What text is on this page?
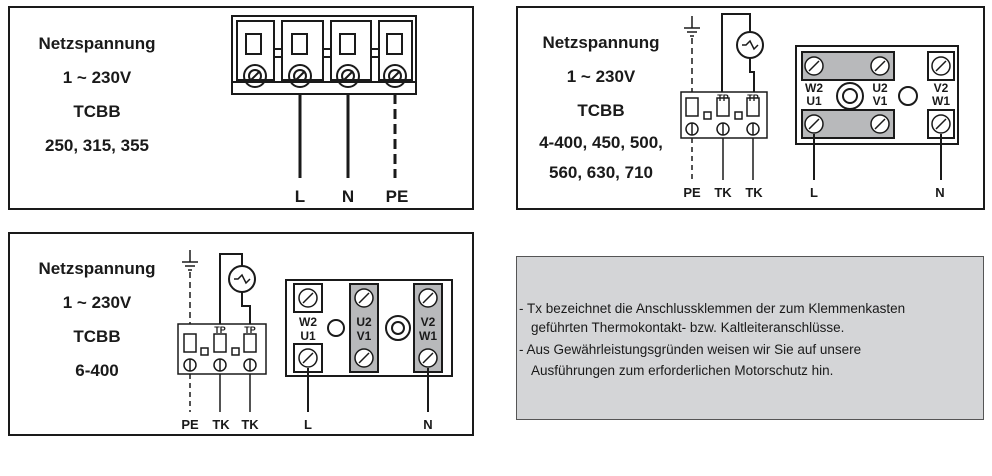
Netzspannung
1 ~ 230V
TCBB
250, 315, 355
L N PE
Netzspannung
1 ~ 230V
TCBB
4-400, 450, 500,
560, 630, 710
TP TP
PE TK TK
W2
U1
U2
V1
V2
W1
L	N
Netzspannung
1 ~ 230V
TCBB
6-400
TP TP
PE TK TK
W2
U1
U2
V1
V2
W1
L	N
- Tx bezeichnet die Anschlussklemmen der zum Klemmenkasten
geführten Thermokontakt- bzw. Kaltleiteranschlüsse.
- Aus Gewährleistungsgründen weisen wir Sie auf unsere
Ausführungen zum erforderlichen Motorschutz hin.
